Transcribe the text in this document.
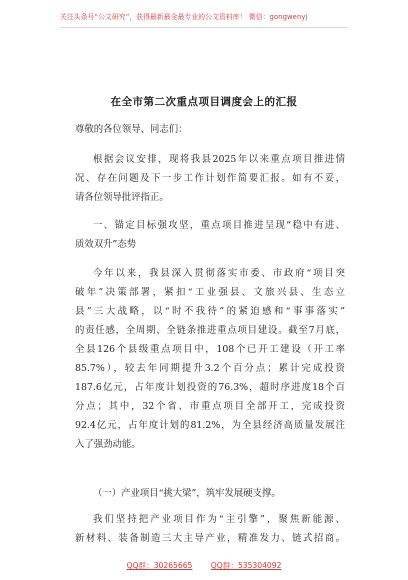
关注头条号“公文研究”，获得最新最全最专业的公文资料库！ 微信：gongwenyj
在全市第二次重点项目调度会上的汇报
尊敬的各位领导、同志们：
根据会议安排，现将我县2025年以来重点项目推进情
况、存在问题及下一步工作计划作简要汇报。如有不妥，
请各位领导批评指正。
一、锚定目标强攻坚，重点项目推进呈现“稳中有进、
质效双升”态势
今年以来，我县深入贯彻落实市委、市政府“项目突
破年”决策部署，紧扣“工业强县、文旅兴县、生态立
县”三大战略，以“时不我待”的紧迫感和“事事落实”
的责任感，全周期、全链条推进重点项目建设。截至7月底，
全县126个县级重点项目中，108个已开工建设（开工率
85.7%），较去年同期提升3.2个百分点；累计完成投资
187.6亿元，占年度计划投资的76.3%，超时序进度18个百
分点；其中，32个省、市重点项目全部开工，完成投资
92.4亿元，占年度计划的81.2%，为全县经济高质量发展注
入了强劲动能。
（一）产业项目“挑大梁”，筑牢发展硬支撑。
我们坚持把产业项目作为“主引擎”，聚焦新能源、
新材料、装备制造三大主导产业，精准发力、链式招商。
QQ群：30265665 QQ群：535304092
